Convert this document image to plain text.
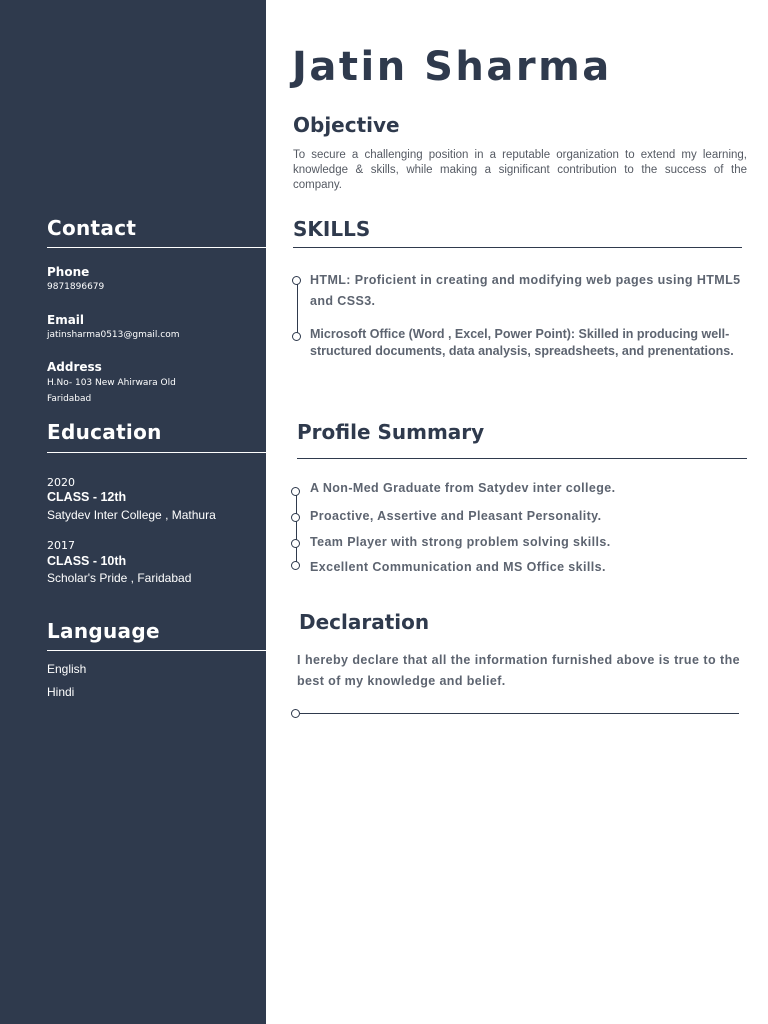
Contact
Phone
9871896679
Email
jatinsharma0513@gmail.com
Address
H.No- 103 New Ahirwara Old
Faridabad
Education
2020
CLASS - 12th
Satydev Inter College , Mathura
2017
CLASS - 10th
Scholar's Pride , Faridabad
Language
English
Hindi
Jatin Sharma
Objective
To secure a challenging position in a reputable organization to extend my learning, knowledge & skills, while making a significant contribution to the success of the company.
SKILLS
HTML: Proficient in creating and modifying web pages using HTML5 and CSS3.
Microsoft Office (Word , Excel, Power Point): Skilled in producing well-structured documents, data analysis, spreadsheets, and prenentations.
Profile Summary
A Non-Med Graduate from Satydev inter college.
Proactive, Assertive and Pleasant Personality.
Team Player with strong problem solving skills.
Excellent Communication and MS Office skills.
Declaration
I hereby declare that all the information furnished above is true to the best of my knowledge and belief.
